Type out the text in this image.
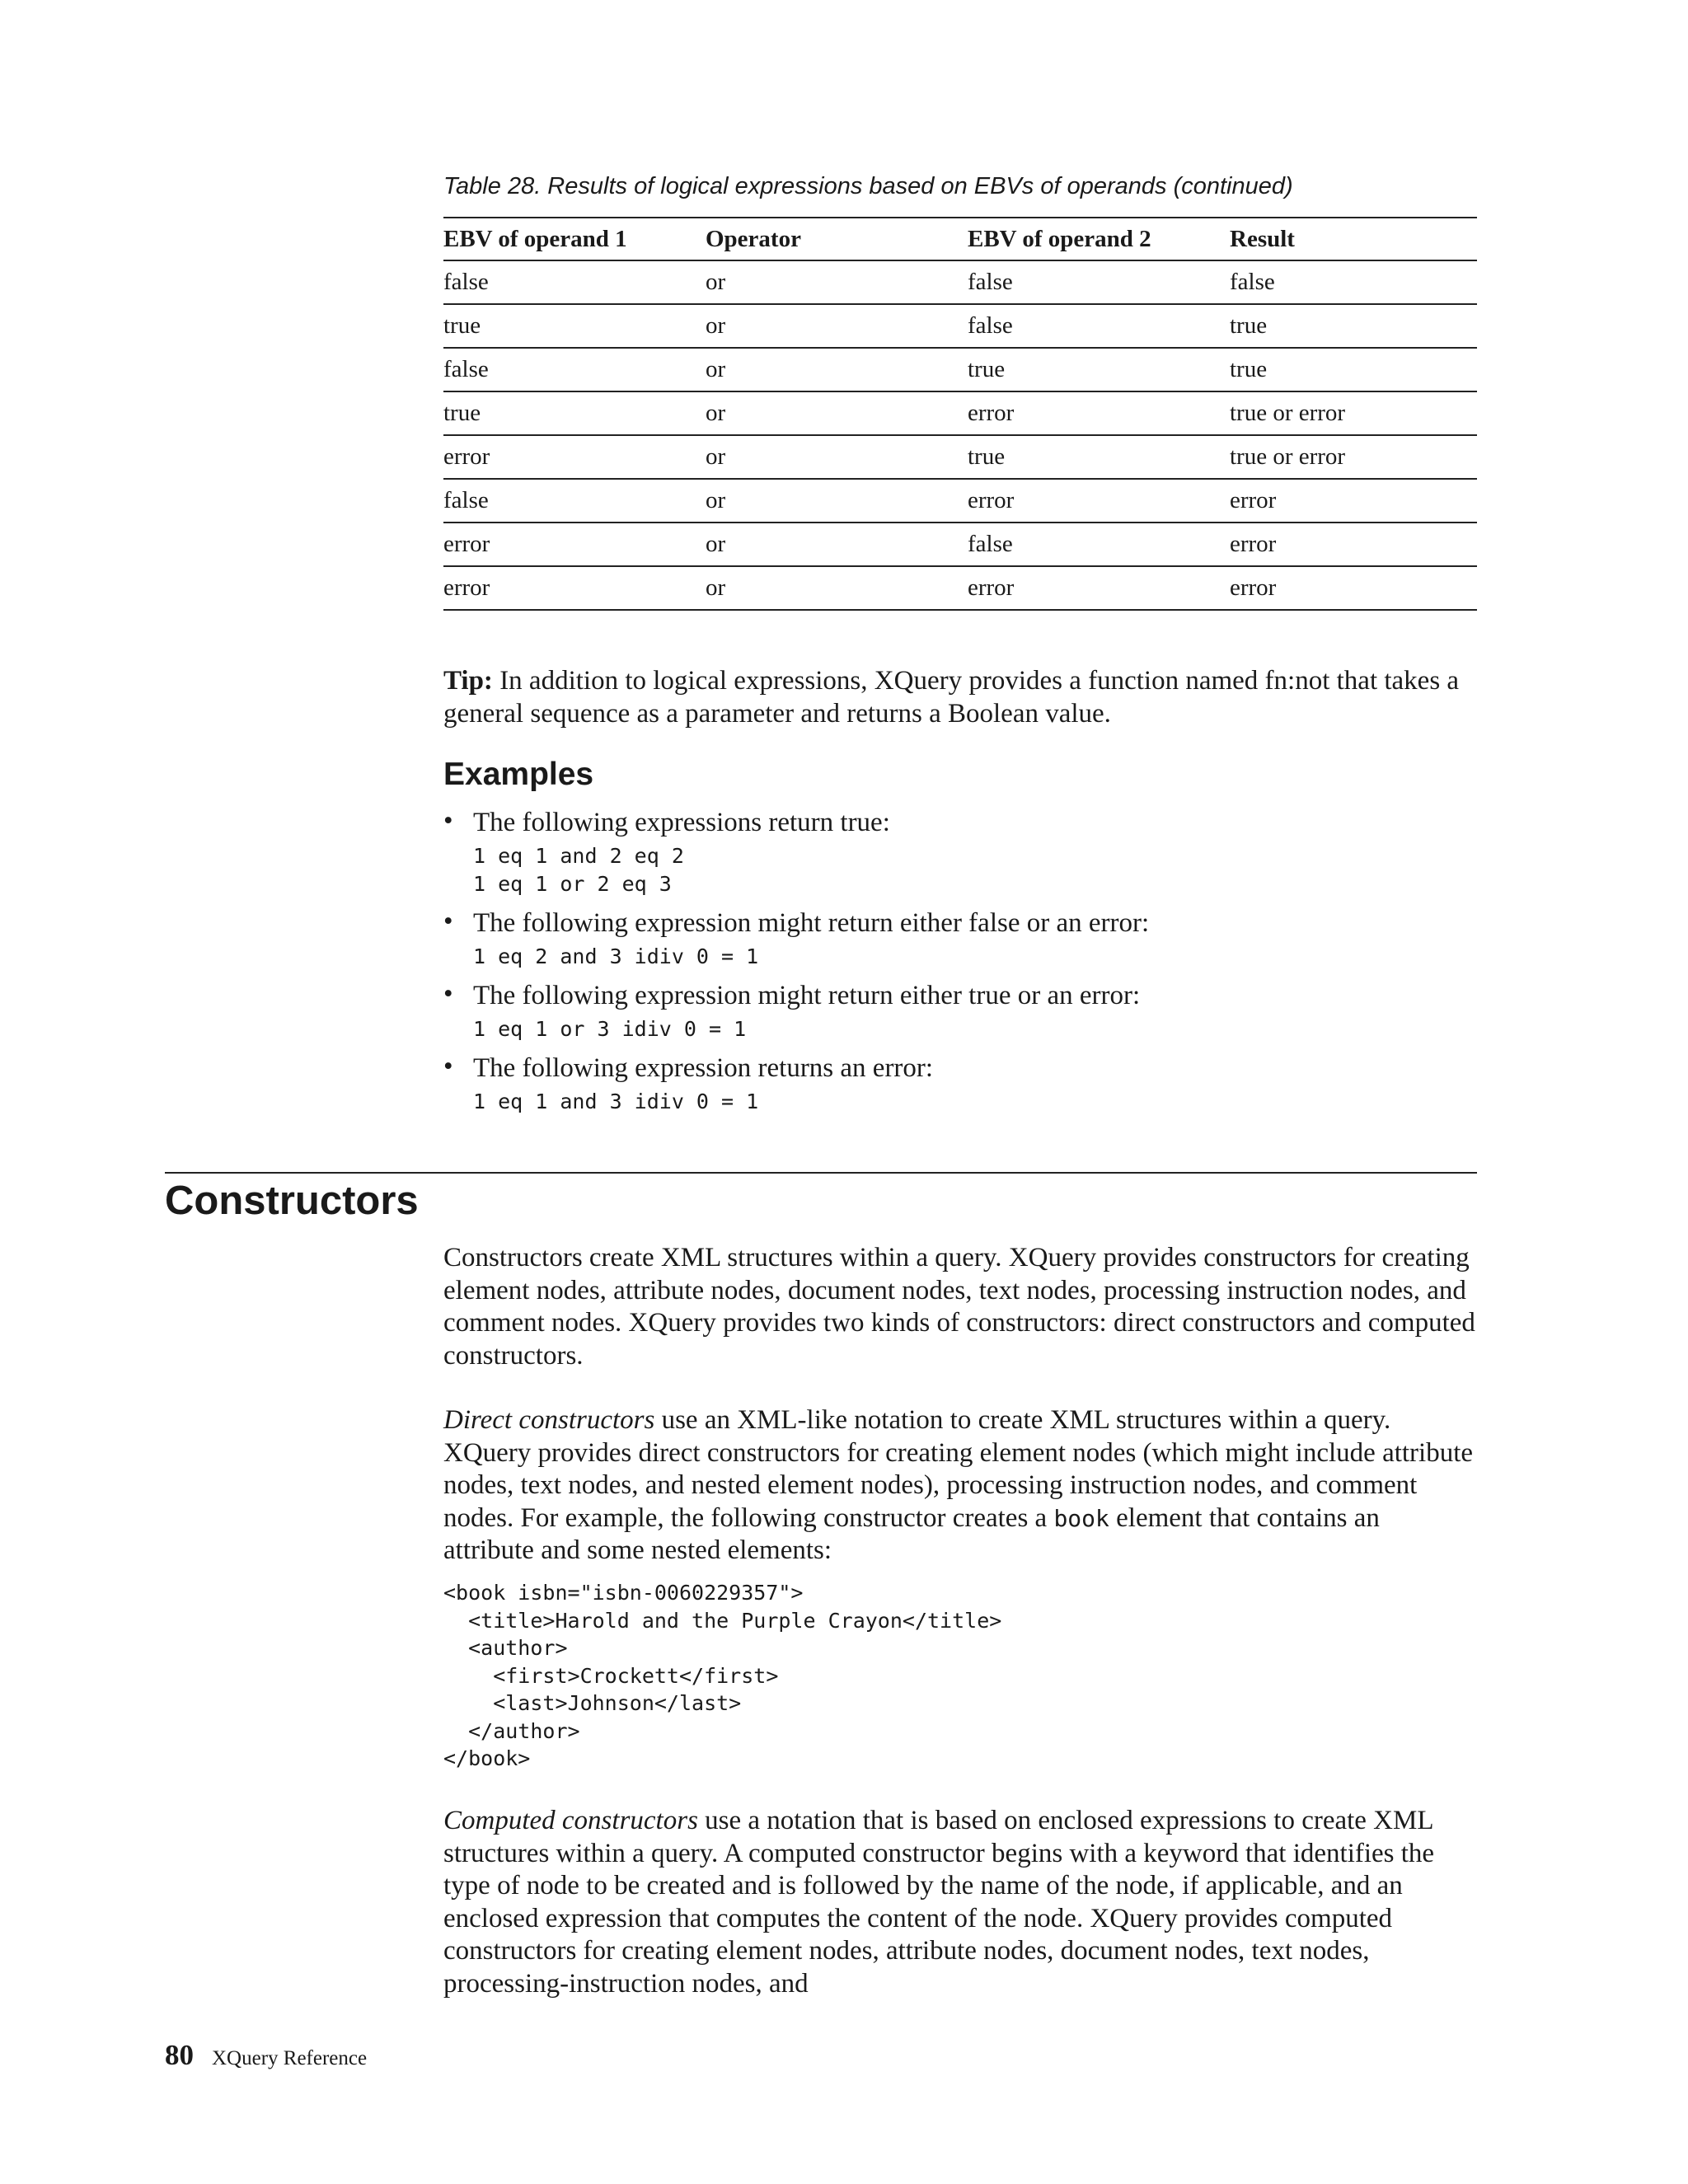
Table 28. Results of logical expressions based on EBVs of operands (continued)
EBV of operand 1	Operator	EBV of operand 2	Result
false	or	false	false
true	or	false	true
false	or	true	true
true	or	error	true or error
error	or	true	true or error
false	or	error	error
error	or	false	error
error	or	error	error

Tip: In addition to logical expressions, XQuery provides a function named fn:not that takes a general sequence as a parameter and returns a Boolean value.

Examples
• The following expressions return true:
1 eq 1 and 2 eq 2
1 eq 1 or 2 eq 3
• The following expression might return either false or an error:
1 eq 2 and 3 idiv 0 = 1
• The following expression might return either true or an error:
1 eq 1 or 3 idiv 0 = 1
• The following expression returns an error:
1 eq 1 and 3 idiv 0 = 1
Constructors

Constructors create XML structures within a query. XQuery provides constructors for creating element nodes, attribute nodes, document nodes, text nodes, processing instruction nodes, and comment nodes. XQuery provides two kinds of constructors: direct constructors and computed constructors.

Direct constructors use an XML-like notation to create XML structures within a query. XQuery provides direct constructors for creating element nodes (which might include attribute nodes, text nodes, and nested element nodes), processing instruction nodes, and comment nodes. For example, the following constructor creates a book element that contains an attribute and some nested elements:

<book isbn="isbn-0060229357">
<title>Harold and the Purple Crayon</title>
<author>
<first>Crockett</first>
<last>Johnson</last>
</author>
</book>

Computed constructors use a notation that is based on enclosed expressions to create XML structures within a query. A computed constructor begins with a keyword that identifies the type of node to be created and is followed by the name of the node, if applicable, and an enclosed expression that computes the content of the node. XQuery provides computed constructors for creating element nodes, attribute nodes, document nodes, text nodes, processing-instruction nodes, and

80 XQuery Reference
